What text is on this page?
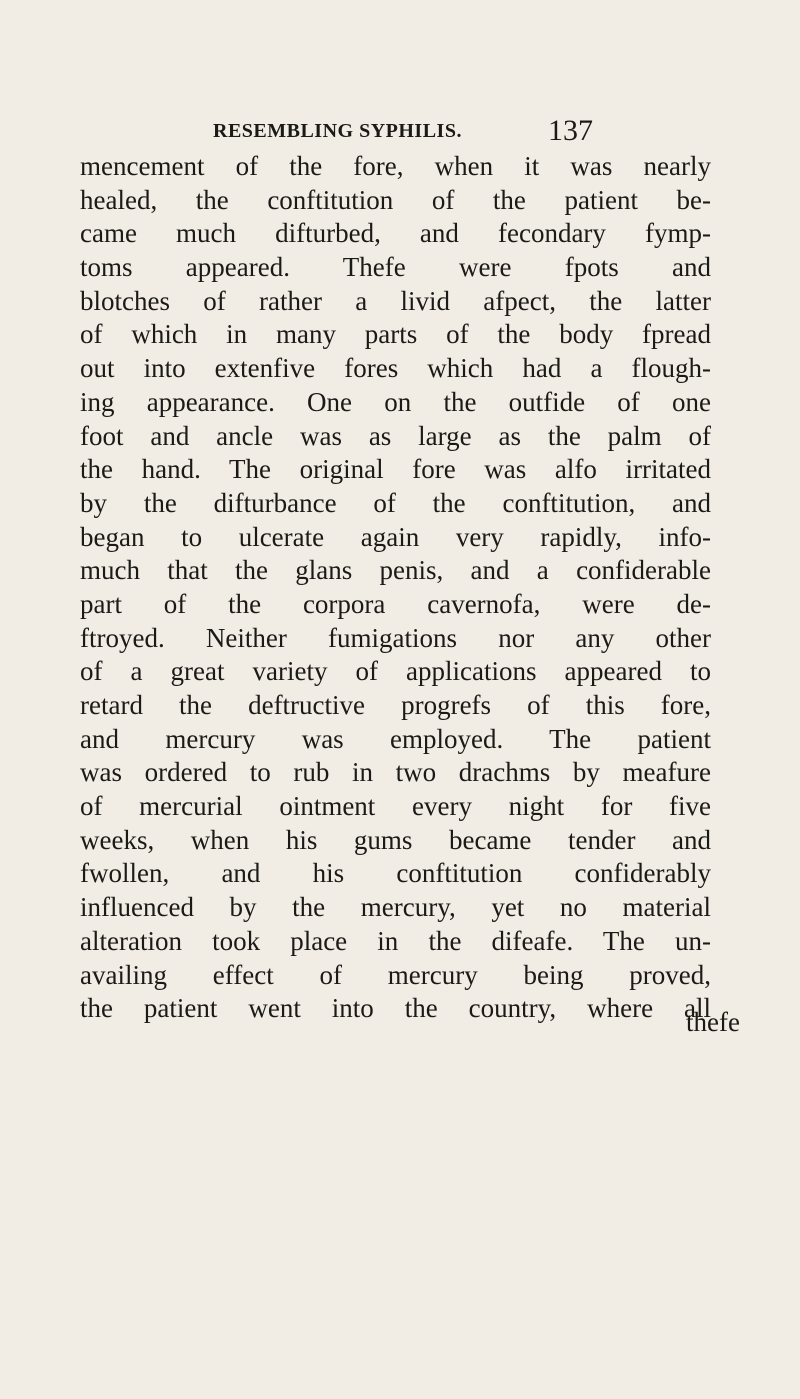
RESEMBLING SYPHILIS.	137
mencement of the fore, when it was nearly
healed, the conftitution of the patient be-
came much difturbed, and fecondary fymp-
toms appeared. Thefe were fpots and
blotches of rather a livid afpect, the latter
of which in many parts of the body fpread
out into extenfive fores which had a flough-
ing appearance. One on the outfide of one
foot and ancle was as large as the palm of
the hand. The original fore was alfo irritated
by the difturbance of the conftitution, and
began to ulcerate again very rapidly, info-
much that the glans penis, and a confiderable
part of the corpora cavernofa, were de-
ftroyed. Neither fumigations nor any other
of a great variety of applications appeared to
retard the deftructive progrefs of this fore,
and mercury was employed. The patient
was ordered to rub in two drachms by meafure
of mercurial ointment every night for five
weeks, when his gums became tender and
fwollen, and his conftitution confiderably
influenced by the mercury, yet no material
alteration took place in the difeafe. The un-
availing effect of mercury being proved,
the patient went into the country, where all
thefe
